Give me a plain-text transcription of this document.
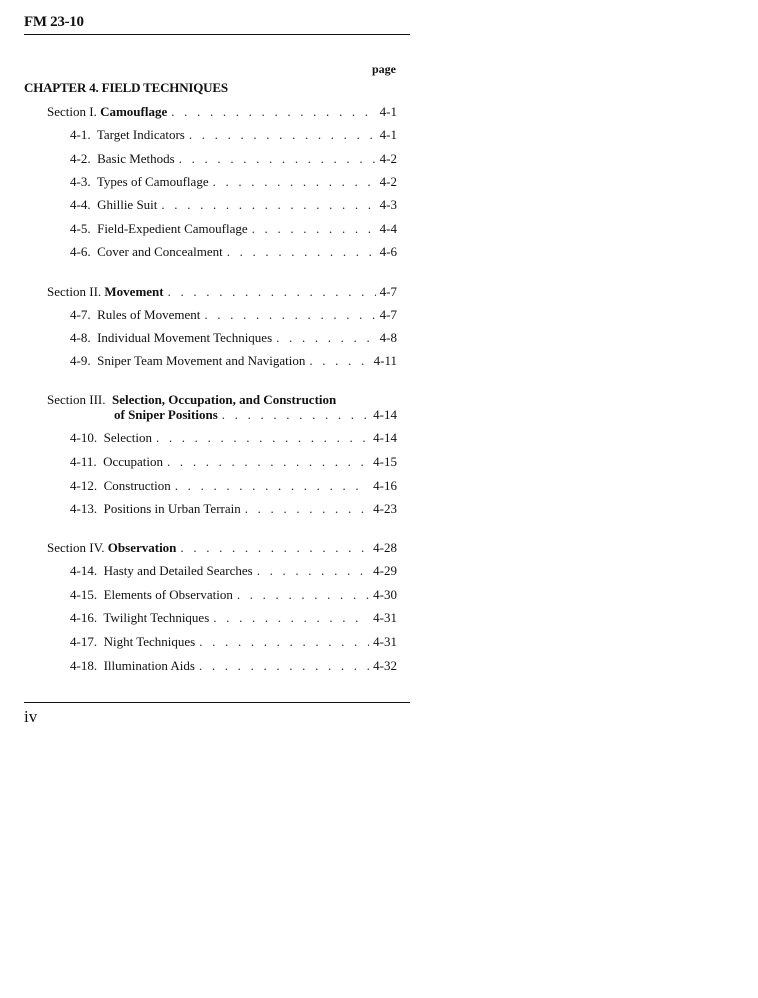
FM 23-10
page
CHAPTER 4. FIELD TECHNIQUES
Section I. Camouflage . . .	4-1
4-1. Target Indicators . . .	4-1
4-2. Basic Methods . . .	4-2
4-3. Types of Camouflage . . .	4-2
4-4. Ghillie Suit . . .	4-3
4-5. Field-Expedient Camouflage . . .	4-4
4-6. Cover and Concealment . . .	4-6
Section II. Movement . . .	4-7
4-7. Rules of Movement . . .	4-7
4-8. Individual Movement Techniques . . .	4-8
4-9. Sniper Team Movement and Navigation . . .	4-11
Section III. Selection, Occupation, and Construction
of Sniper Positions . . .	4-14
4-10. Selection . . .	4-14
4-11. Occupation . . .	4-15
4-12. Construction . . .	4-16
4-13. Positions in Urban Terrain . . .	4-23
Section IV. Observation . . .	4-28
4-14. Hasty and Detailed Searches . . .	4-29
4-15. Elements of Observation . . .	4-30
4-16. Twilight Techniques . . .	4-31
4-17. Night Techniques . . .	4-31
4-18. Illumination Aids . . .	4-32
iv
